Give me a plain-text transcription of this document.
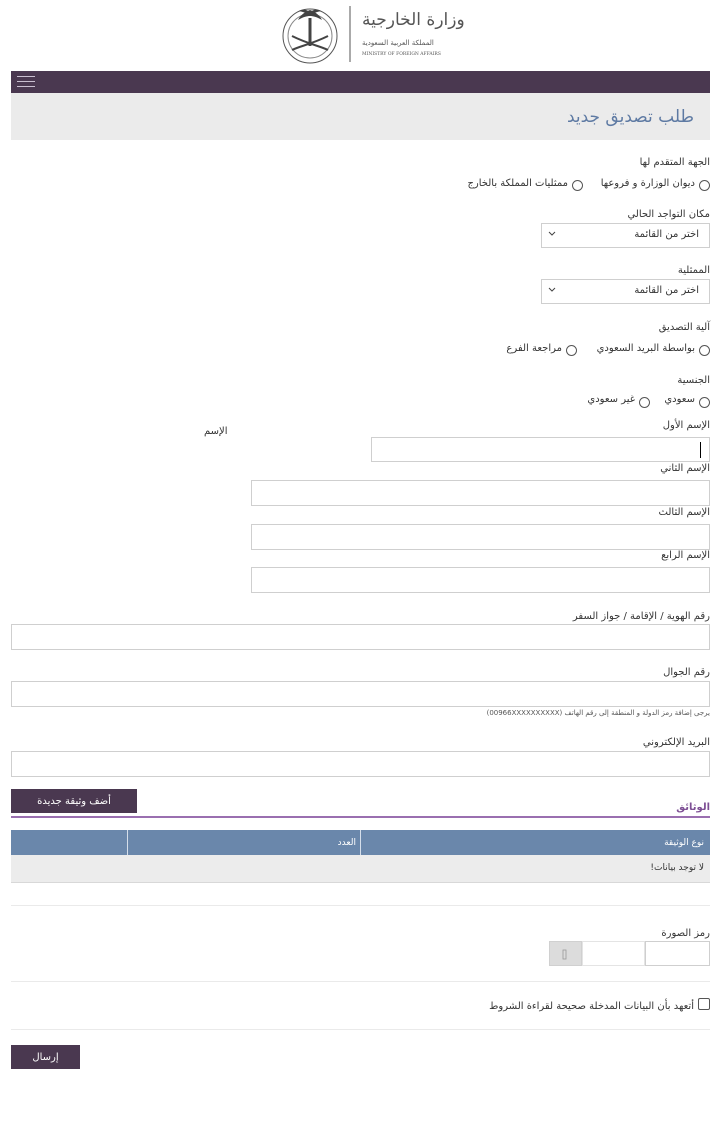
وزارة الخارجية
المملكة العربية السعودية
MINISTRY OF FOREIGN AFFAIRS
طلب تصديق جديد
الجهة المتقدم لها
ديوان الوزارة و فروعها
ممثليات المملكة بالخارج
مكان التواجد الحالي
اختر من القائمة
الممثلية
اختر من القائمة
آلية التصديق
بواسطة البريد السعودي
مراجعة الفرع
الجنسية
سعودي
غير سعودي
الإسم
الإسم الأول
الإسم الثاني
الإسم الثالث
الإسم الرابع
رقم الهوية / الإقامة / جواز السفر
رقم الجوال
يرجى إضافة رمز الدولة و المنطقة إلى رقم الهاتف (00966XXXXXXXXXX)
البريد الإلكتروني
أضف وثيقة جديدة
الوثائق
نوع الوثيقة
العدد
لا توجد بيانات!
رمز الصورة
أتعهد بأن البيانات المدخلة صحيحة لقراءة الشروط
إرسال
